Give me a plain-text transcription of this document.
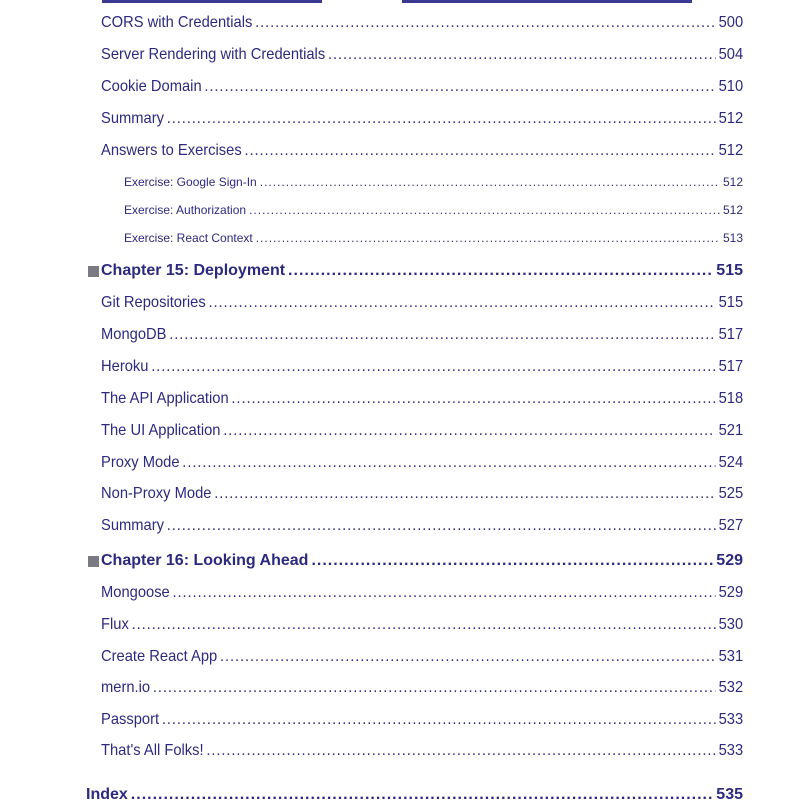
CORS with Credentials .....	500
Server Rendering with Credentials .....	504
Cookie Domain .....	510
Summary .....	512
Answers to Exercises .....	512
Exercise: Google Sign-In .....	512
Exercise: Authorization .....	512
Exercise: React Context .....	513
Chapter 15: Deployment .....	515
Git Repositories .....	515
MongoDB .....	517
Heroku .....	517
The API Application .....	518
The UI Application .....	521
Proxy Mode .....	524
Non-Proxy Mode .....	525
Summary .....	527
Chapter 16: Looking Ahead .....	529
Mongoose .....	529
Flux .....	530
Create React App .....	531
mern.io .....	532
Passport .....	533
That's All Folks! .....	533
Index .....	535
